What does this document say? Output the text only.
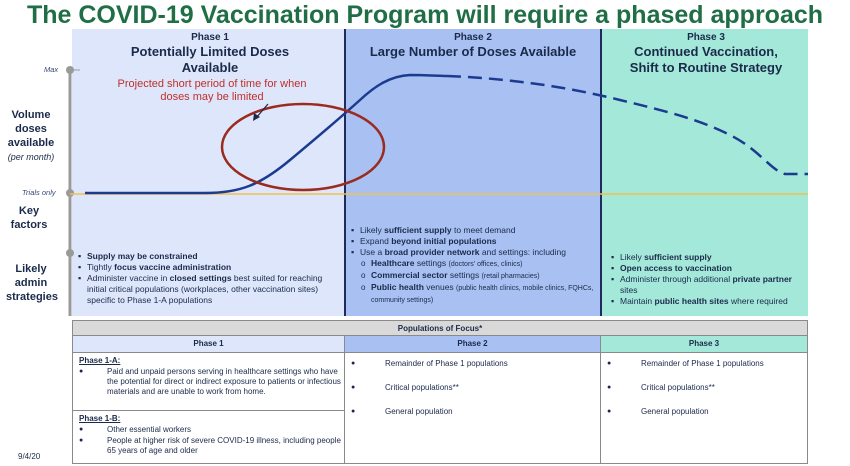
The COVID-19 Vaccination Program will require a phased approach
Volume doses available
(per month)
Key factors
Likely admin strategies
Max
Trials only
Phase 1
Potentially Limited Doses
Available
Phase 2
Large Number of Doses Available
Phase 3
Continued Vaccination,
Shift to Routine Strategy
Projected short period of time for when doses may be limited
▪ Supply may be constrained
▪ Tightly focus vaccine administration
▪ Administer vaccine in closed settings best suited for reaching initial critical populations (workplaces, other vaccination sites) specific to Phase 1-A populations
▪ Likely sufficient supply to meet demand
▪ Expand beyond initial populations
▪ Use a broad provider network and settings: including
o Healthcare settings (doctors' offices, clinics)
o Commercial sector settings (retail pharmacies)
o Public health venues (public health clinics, mobile clinics, FQHCs, community settings)
▪ Likely sufficient supply
▪ Open access to vaccination
▪ Administer through additional private partner sites
▪ Maintain public health sites where required
Populations of Focus*
Phase 1	Phase 2	Phase 3
Phase 1-A:
● Paid and unpaid persons serving in healthcare settings who have the potential for direct or indirect exposure to patients or infectious materials and are unable to work from home.
Phase 1-B:
● Other essential workers
● People at higher risk of severe COVID-19 illness, including people 65 years of age and older
● Remainder of Phase 1 populations
● Critical populations**
● General population
● Remainder of Phase 1 populations
● Critical populations**
● General population
9/4/20
